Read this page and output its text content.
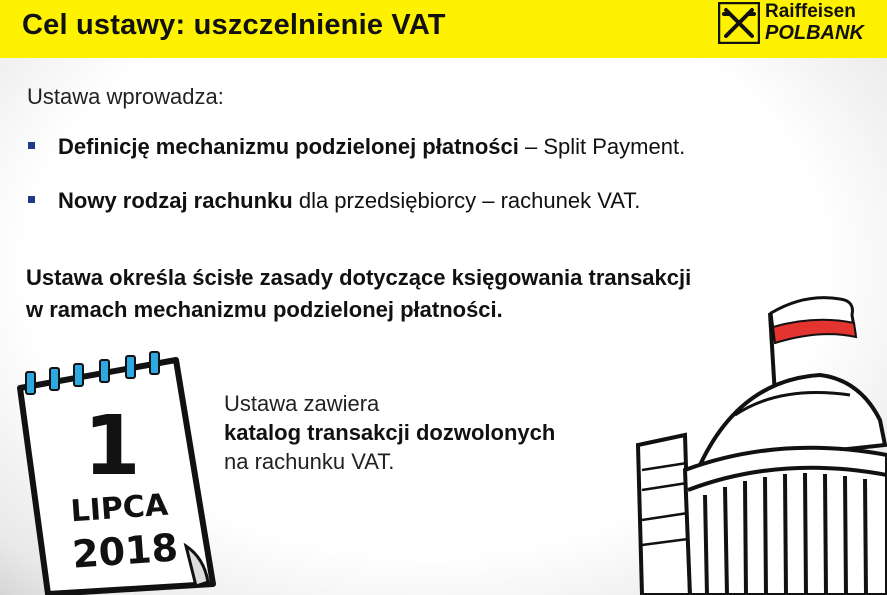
Cel ustawy: uszczelnienie VAT	Raiffeisen
POLBANK
Ustawa wprowadza:
Definicję mechanizmu podzielonej płatności – Split Payment.
Nowy rodzaj rachunku dla przedsiębiorcy – rachunek VAT.
Ustawa określa ścisłe zasady dotyczące księgowania transakcji
w ramach mechanizmu podzielonej płatności.
Ustawa zawiera
katalog transakcji dozwolonych
na rachunku VAT.
1
LIPCA
2018
